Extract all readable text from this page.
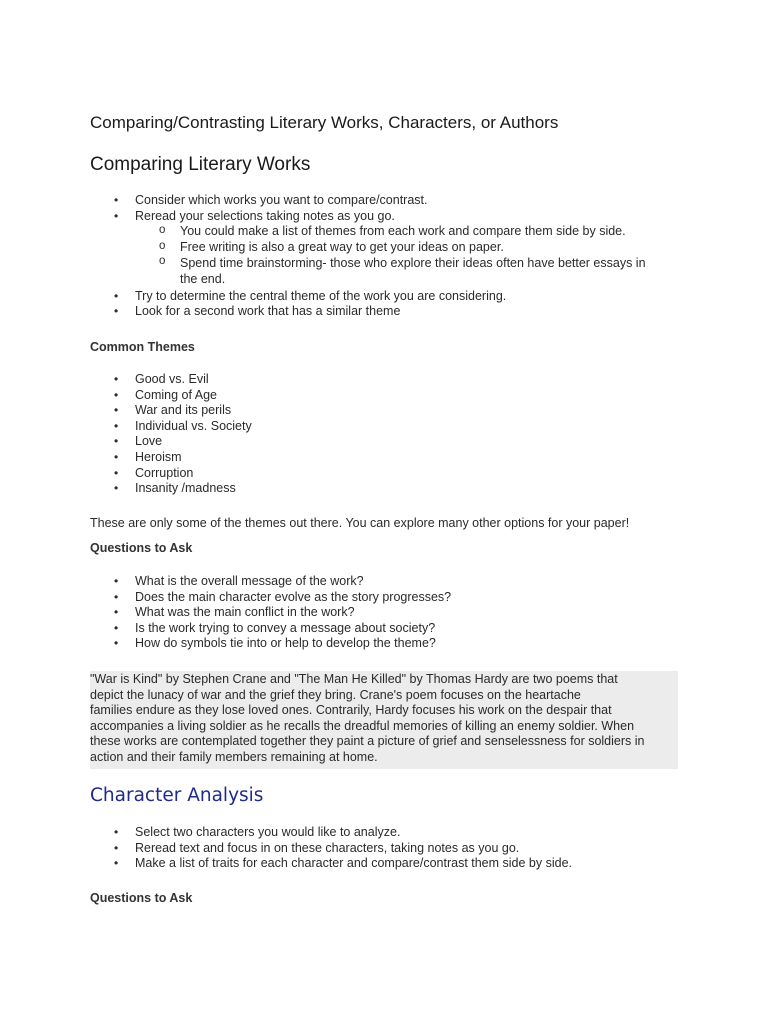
Comparing/Contrasting Literary Works, Characters, or Authors
Comparing Literary Works
• Consider which works you want to compare/contrast.
• Reread your selections taking notes as you go.
o You could make a list of themes from each work and compare them side by side.
o Free writing is also a great way to get your ideas on paper.
o Spend time brainstorming- those who explore their ideas often have better essays in
the end.
• Try to determine the central theme of the work you are considering.
• Look for a second work that has a similar theme
Common Themes
• Good vs. Evil
• Coming of Age
• War and its perils
• Individual vs. Society
• Love
• Heroism
• Corruption
• Insanity /madness
These are only some of the themes out there. You can explore many other options for your paper!
Questions to Ask
• What is the overall message of the work?
• Does the main character evolve as the story progresses?
• What was the main conflict in the work?
• Is the work trying to convey a message about society?
• How do symbols tie into or help to develop the theme?
"War is Kind" by Stephen Crane and "The Man He Killed" by Thomas Hardy are two poems that
depict the lunacy of war and the grief they bring. Crane's poem focuses on the heartache
families endure as they lose loved ones. Contrarily, Hardy focuses his work on the despair that
accompanies a living soldier as he recalls the dreadful memories of killing an enemy soldier. When
these works are contemplated together they paint a picture of grief and senselessness for soldiers in
action and their family members remaining at home.
Character Analysis
• Select two characters you would like to analyze.
• Reread text and focus in on these characters, taking notes as you go.
• Make a list of traits for each character and compare/contrast them side by side.
Questions to Ask
